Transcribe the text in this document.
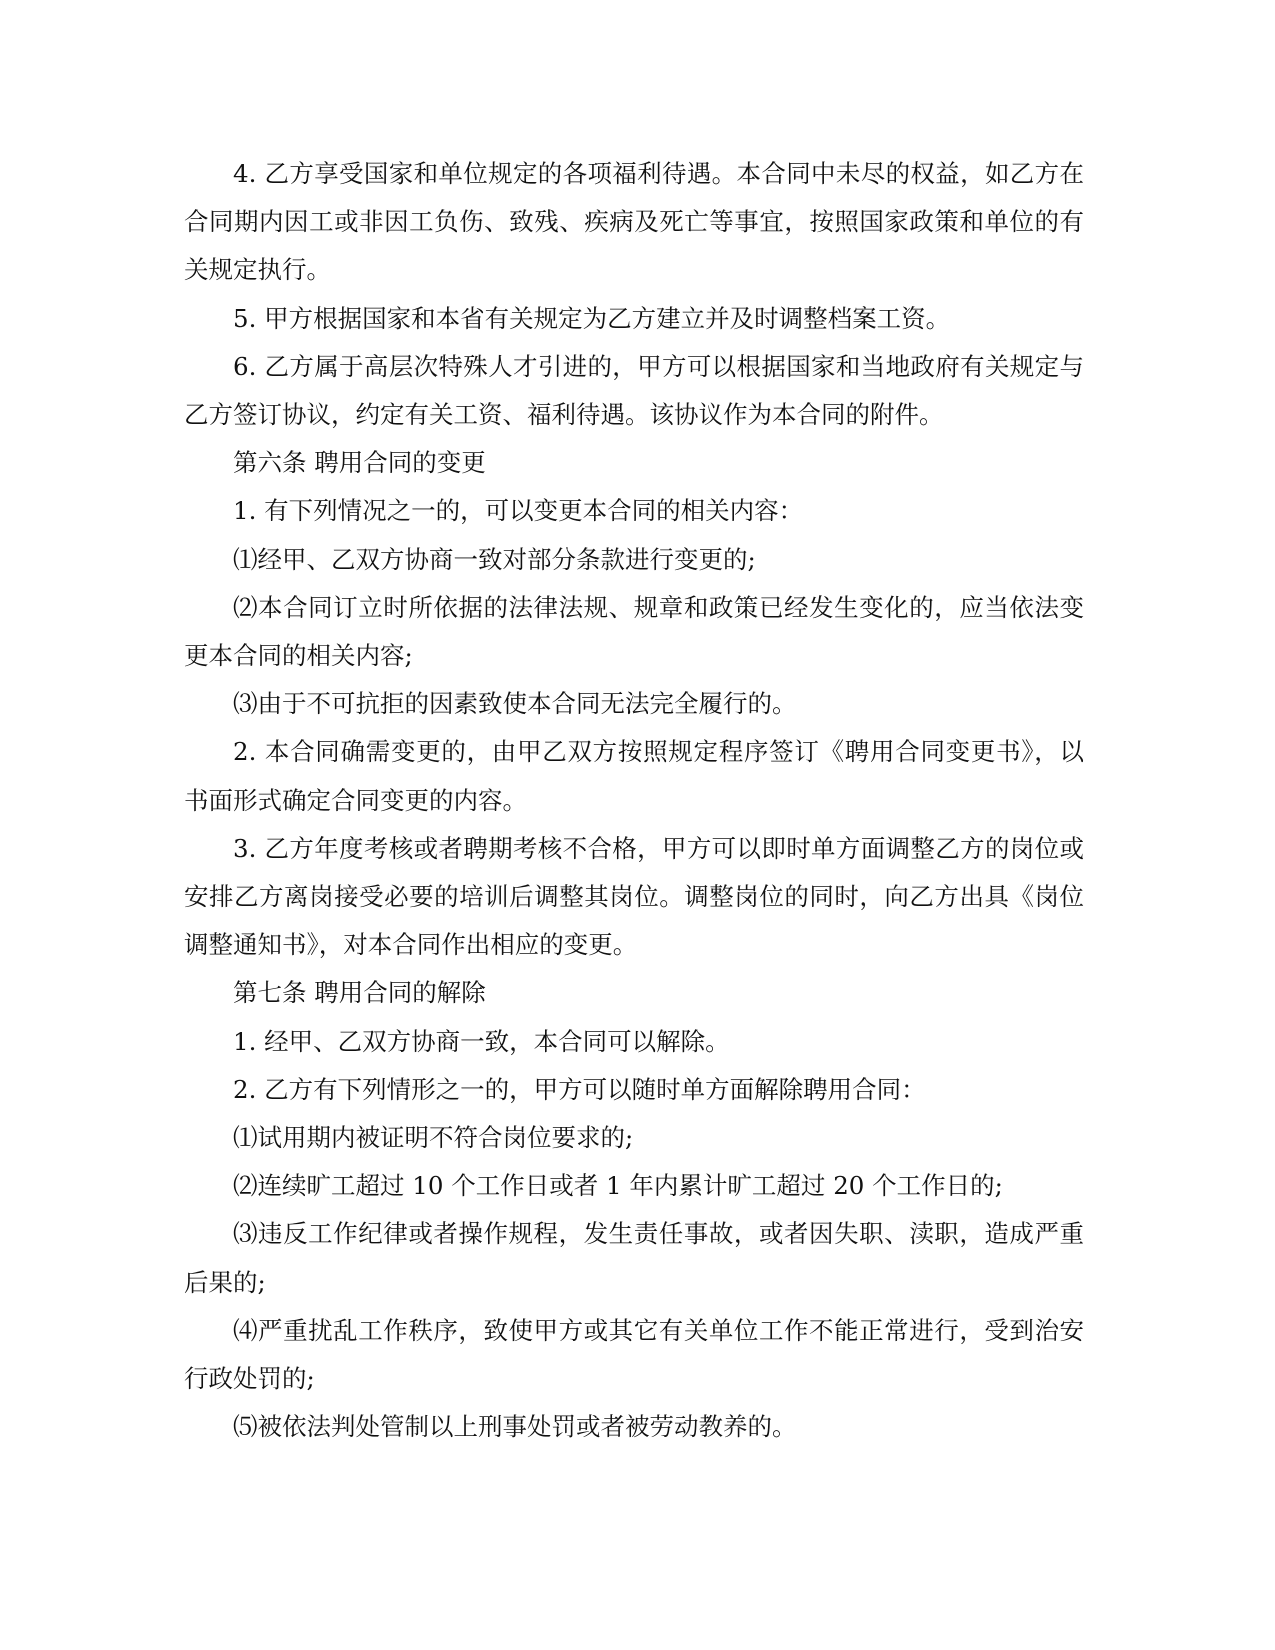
4. 乙方享受国家和单位规定的各项福利待遇。本合同中未尽的权益，如乙方在合同期内因工或非因工负伤、致残、疾病及死亡等事宜，按照国家政策和单位的有关规定执行。

5. 甲方根据国家和本省有关规定为乙方建立并及时调整档案工资。

6. 乙方属于高层次特殊人才引进的，甲方可以根据国家和当地政府有关规定与乙方签订协议，约定有关工资、福利待遇。该协议作为本合同的附件。

第六条 聘用合同的变更

1. 有下列情况之一的，可以变更本合同的相关内容：

⑴经甲、乙双方协商一致对部分条款进行变更的;

⑵本合同订立时所依据的法律法规、规章和政策已经发生变化的，应当依法变更本合同的相关内容;

⑶由于不可抗拒的因素致使本合同无法完全履行的。

2. 本合同确需变更的，由甲乙双方按照规定程序签订《聘用合同变更书》，以书面形式确定合同变更的内容。

3. 乙方年度考核或者聘期考核不合格，甲方可以即时单方面调整乙方的岗位或安排乙方离岗接受必要的培训后调整其岗位。调整岗位的同时，向乙方出具《岗位调整通知书》，对本合同作出相应的变更。

第七条 聘用合同的解除

1. 经甲、乙双方协商一致，本合同可以解除。

2. 乙方有下列情形之一的，甲方可以随时单方面解除聘用合同：

⑴试用期内被证明不符合岗位要求的;

⑵连续旷工超过 10 个工作日或者 1 年内累计旷工超过 20 个工作日的;

⑶违反工作纪律或者操作规程，发生责任事故，或者因失职、渎职，造成严重后果的;

⑷严重扰乱工作秩序，致使甲方或其它有关单位工作不能正常进行，受到治安行政处罚的;

⑸被依法判处管制以上刑事处罚或者被劳动教养的。
